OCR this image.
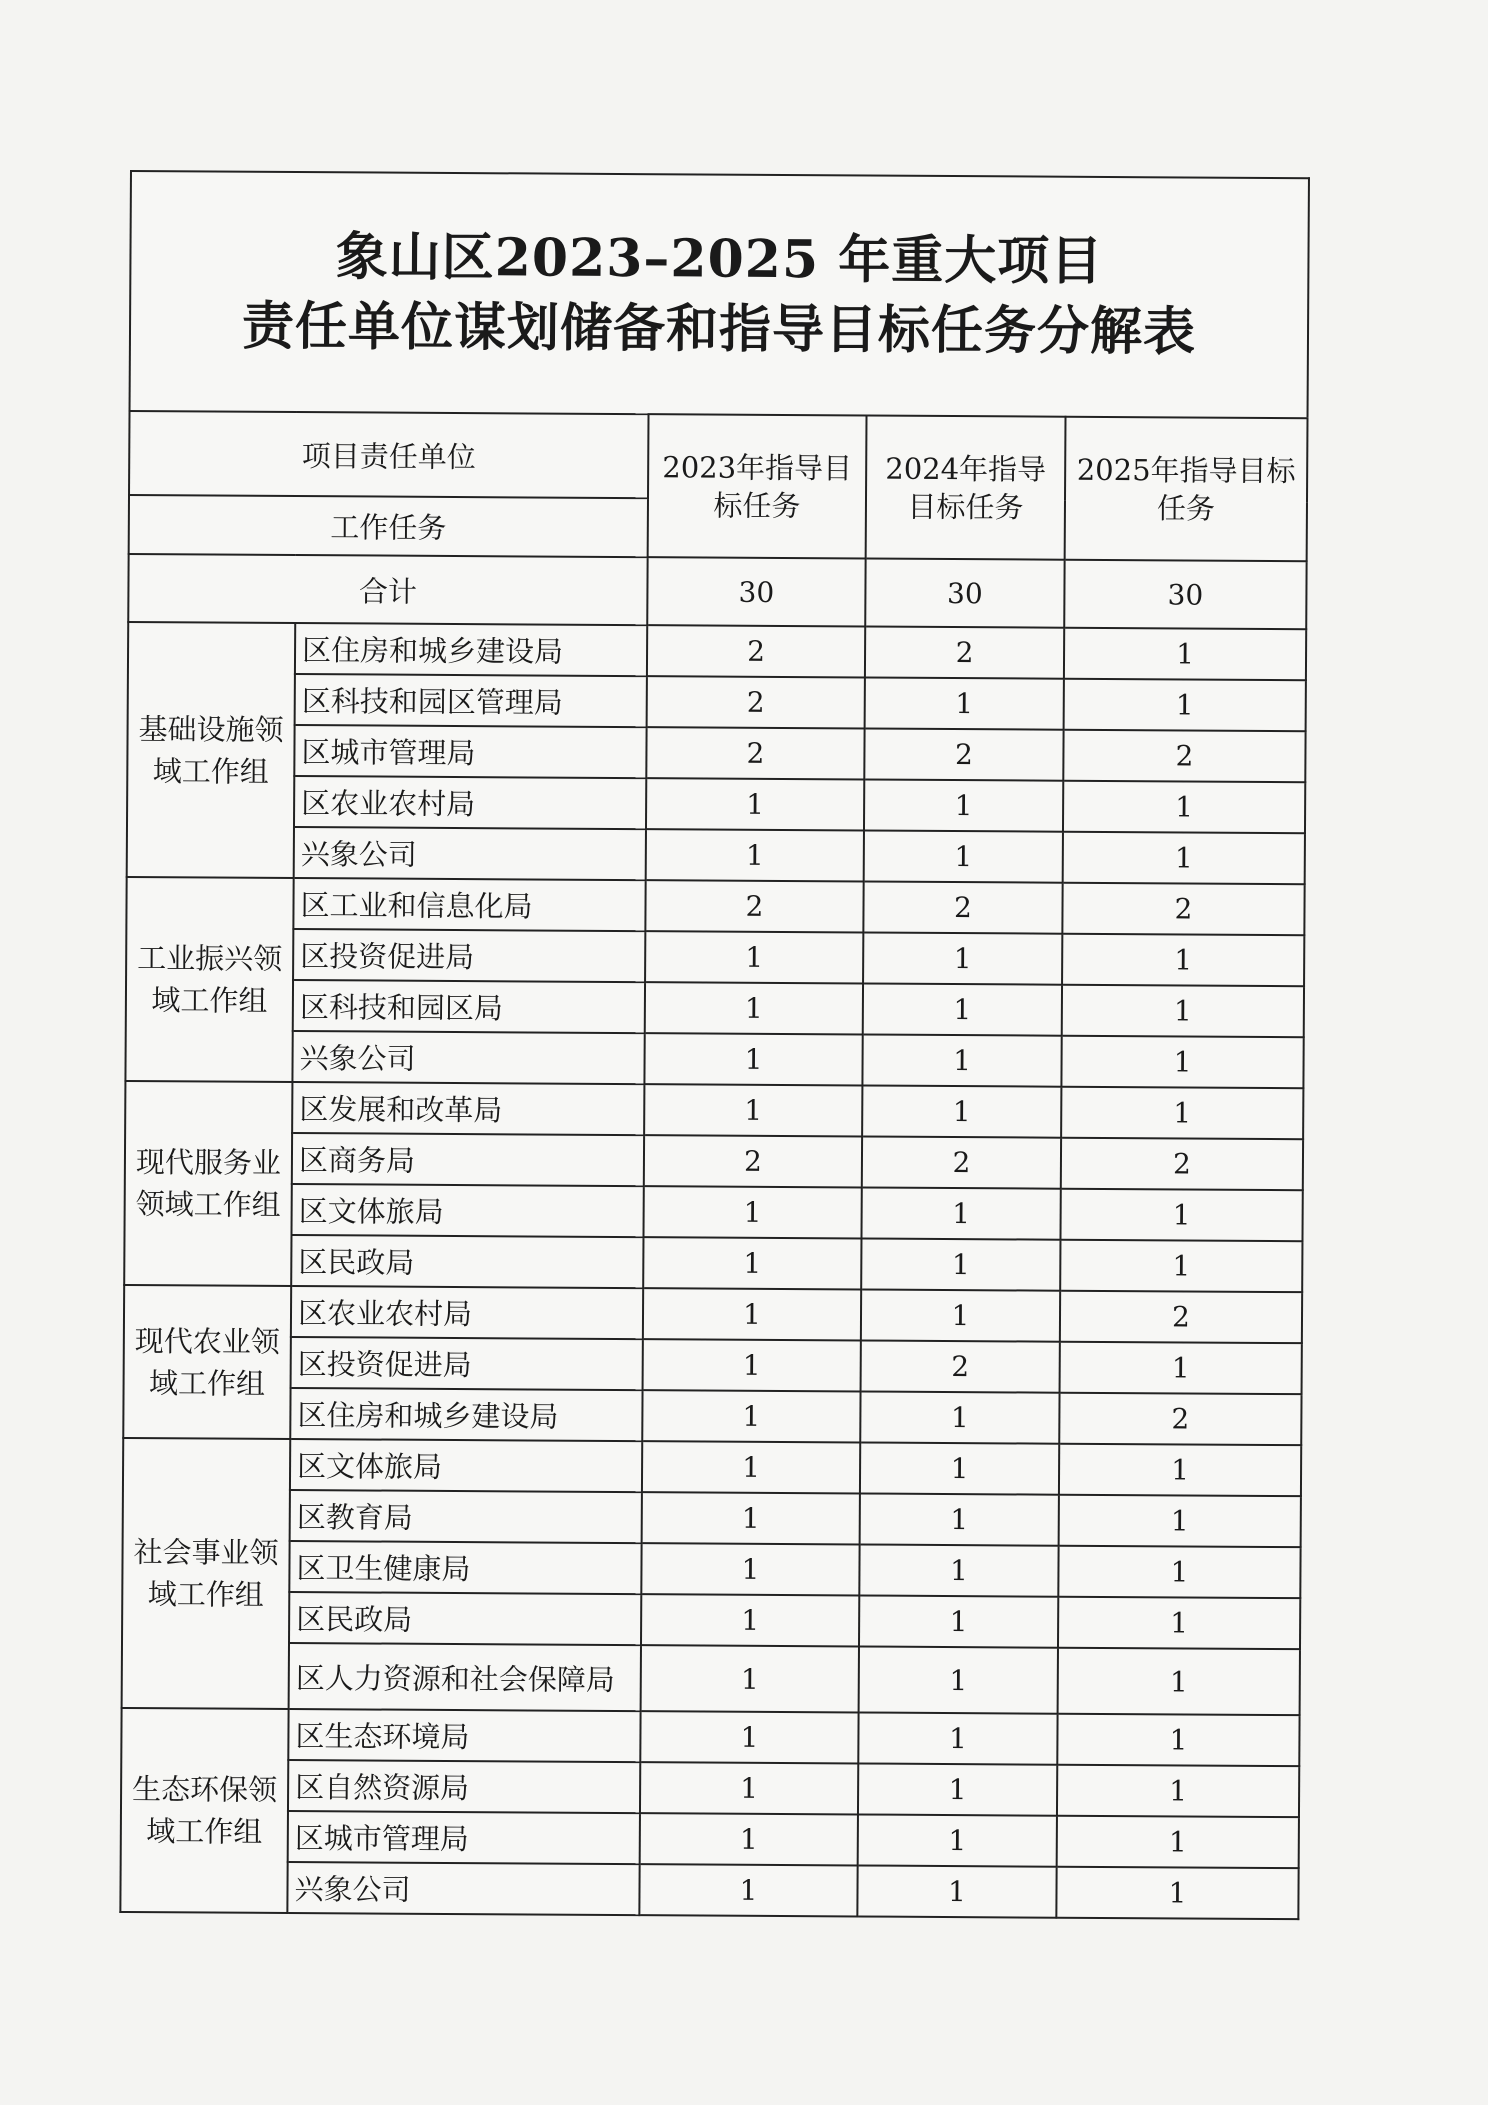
象山区2023–2025 年重大项目
责任单位谋划储备和指导目标任务分解表
项目责任单位		2023年指导目标任务	2024年指导目标任务	2025年指导目标任务
工作任务				
合计		30	30	30
基础设施领域工作组	区住房和城乡建设局	2	2	1
	区科技和园区管理局	2	1	1
	区城市管理局	2	2	2
	区农业农村局	1	1	1
	兴象公司	1	1	1
工业振兴领域工作组	区工业和信息化局	2	2	2
	区投资促进局	1	1	1
	区科技和园区局	1	1	1
	兴象公司	1	1	1
现代服务业领域工作组	区发展和改革局	1	1	1
	区商务局	2	2	2
	区文体旅局	1	1	1
	区民政局	1	1	1
现代农业领域工作组	区农业农村局	1	1	2
	区投资促进局	1	2	1
	区住房和城乡建设局	1	1	2
社会事业领域工作组	区文体旅局	1	1	1
	区教育局	1	1	1
	区卫生健康局	1	1	1
	区民政局	1	1	1
	区人力资源和社会保障局	1	1	1
生态环保领域工作组	区生态环境局	1	1	1
	区自然资源局	1	1	1
	区城市管理局	1	1	1
	兴象公司	1	1	1
